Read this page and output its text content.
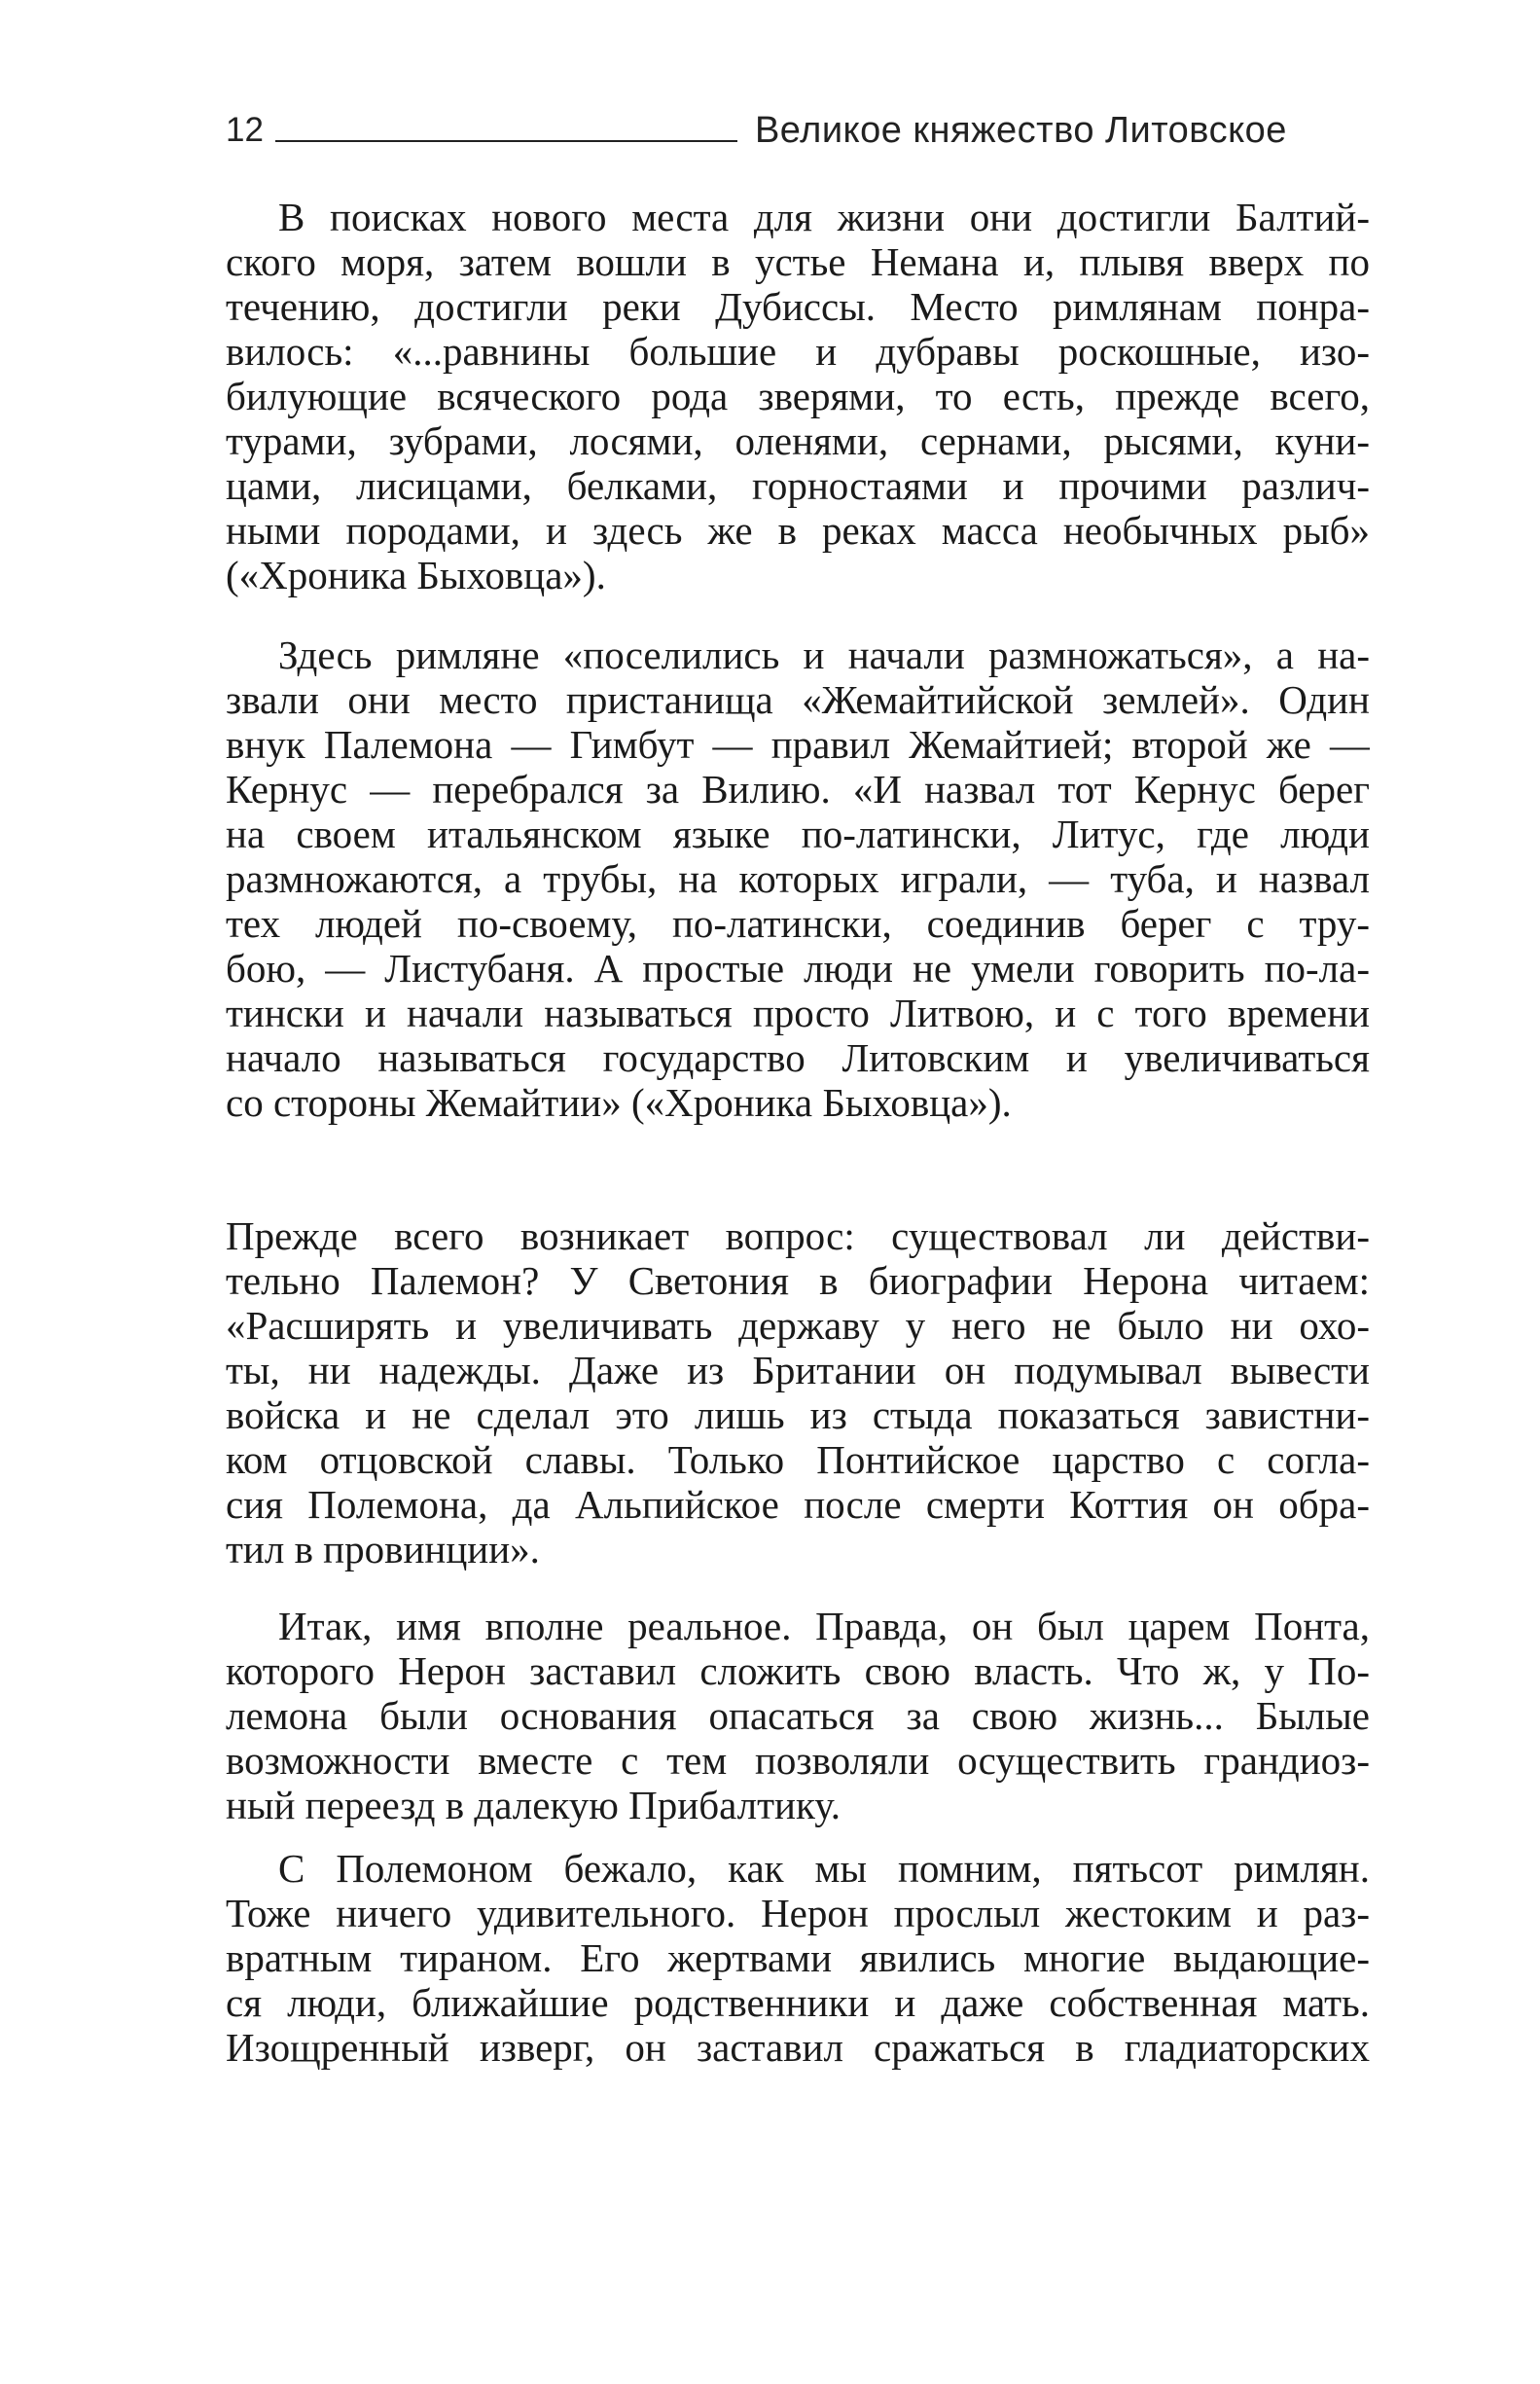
12	Великое княжество Литовское
В поисках нового места для жизни они достигли Балтий-
ского моря, затем вошли в устье Немана и, плывя вверх по
течению, достигли реки Дубиссы. Место римлянам понра-
вилось: «...равнины большие и дубравы роскошные, изо-
билующие всяческого рода зверями, то есть, прежде всего,
турами, зубрами, лосями, оленями, сернами, рысями, куни-
цами, лисицами, белками, горностаями и прочими различ-
ными породами, и здесь же в реках масса необычных рыб»
(«Хроника Быховца»).
Здесь римляне «поселились и начали размножаться», а на-
звали они место пристанища «Жемайтийской землей». Один
внук Палемона — Гимбут — правил Жемайтией; второй же —
Кернус — перебрался за Вилию. «И назвал тот Кернус берег
на своем итальянском языке по-латински, Литус, где люди
размножаются, а трубы, на которых играли, — туба, и назвал
тех людей по-своему, по-латински, соединив берег с тру-
бою, — Листубаня. А простые люди не умели говорить по-ла-
тински и начали называться просто Литвою, и с того времени
начало называться государство Литовским и увеличиваться
со стороны Жемайтии» («Хроника Быховца»).
Прежде всего возникает вопрос: существовал ли действи-
тельно Палемон? У Светония в биографии Нерона читаем:
«Расширять и увеличивать державу у него не было ни охо-
ты, ни надежды. Даже из Британии он подумывал вывести
войска и не сделал это лишь из стыда показаться завистни-
ком отцовской славы. Только Понтийское царство с согла-
сия Полемона, да Альпийское после смерти Коттия он обра-
тил в провинции».
Итак, имя вполне реальное. Правда, он был царем Понта,
которого Нерон заставил сложить свою власть. Что ж, у По-
лемона были основания опасаться за свою жизнь... Былые
возможности вместе с тем позволяли осуществить грандиоз-
ный переезд в далекую Прибалтику.
С Полемоном бежало, как мы помним, пятьсот римлян.
Тоже ничего удивительного. Нерон прослыл жестоким и раз-
вратным тираном. Его жертвами явились многие выдающие-
ся люди, ближайшие родственники и даже собственная мать.
Изощренный изверг, он заставил сражаться в гладиаторских
